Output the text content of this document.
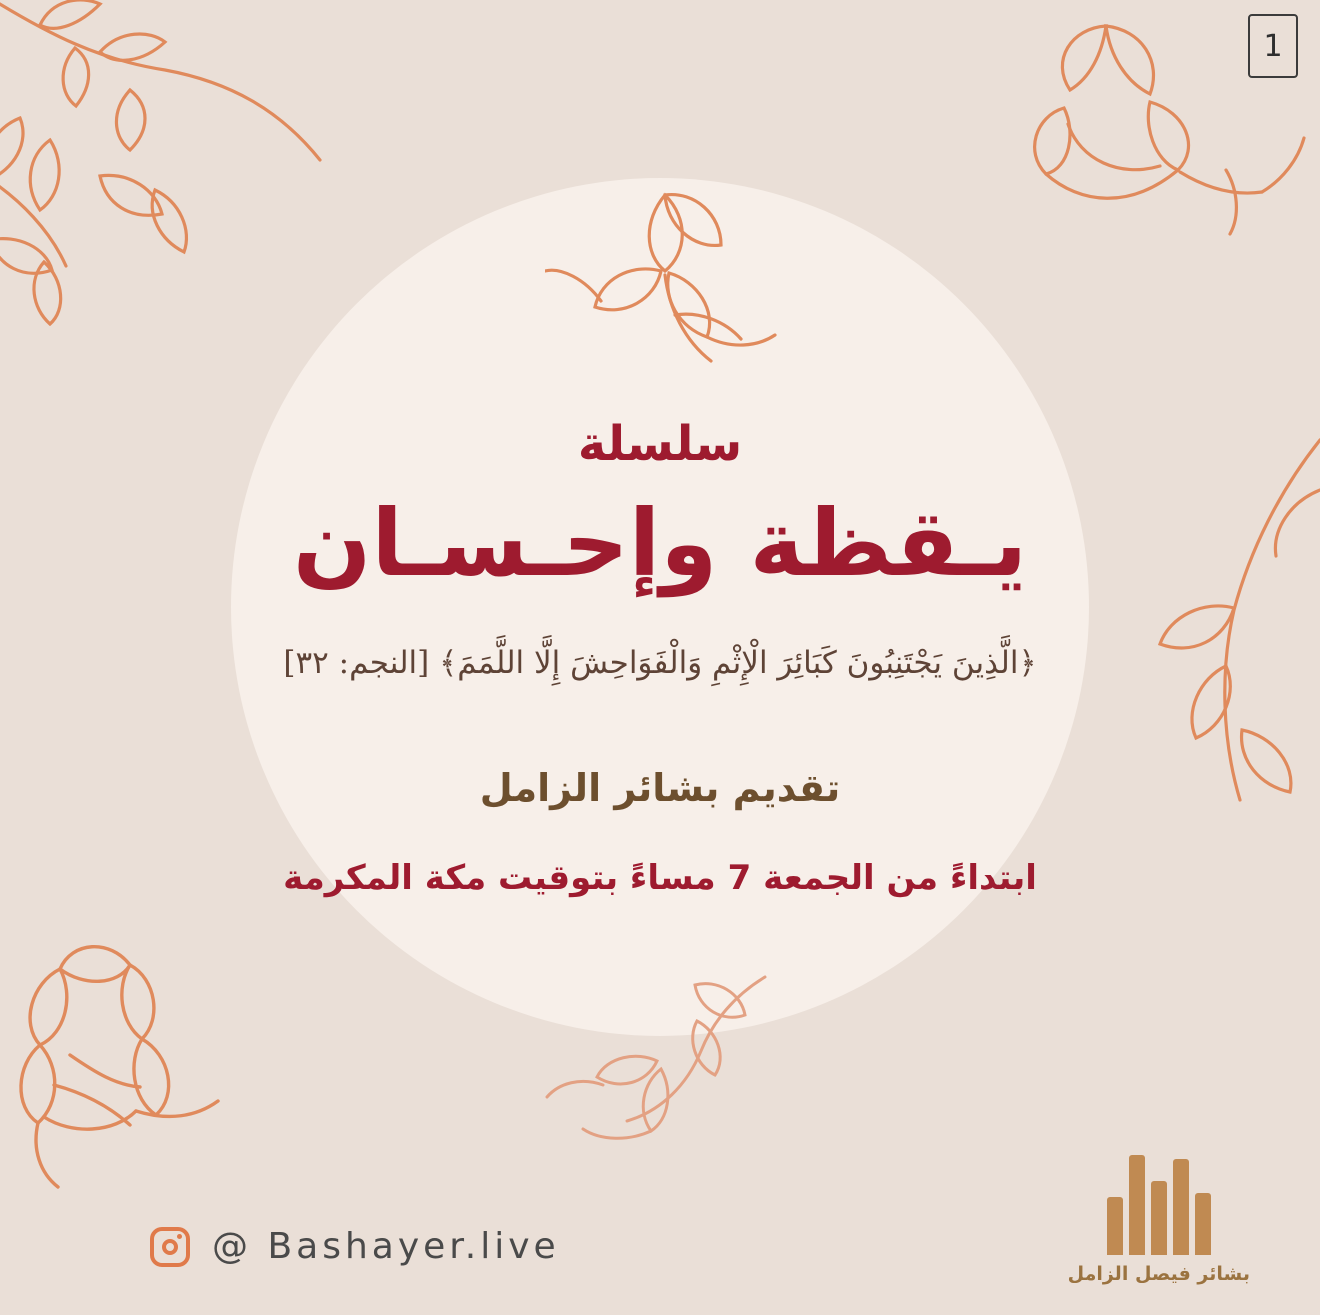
1
سلسلة
يـقظة وإحـسـان
﴿الَّذِينَ يَجْتَنِبُونَ كَبَائِرَ الْإِثْمِ وَالْفَوَاحِشَ إِلَّا اللَّمَمَ﴾ [النجم: ٣٢]
تقديم بشائر الزامل
ابتداءً من الجمعة 7 مساءً بتوقيت مكة المكرمة
@ Bashayer.live
بشائر فيصل الزامل
